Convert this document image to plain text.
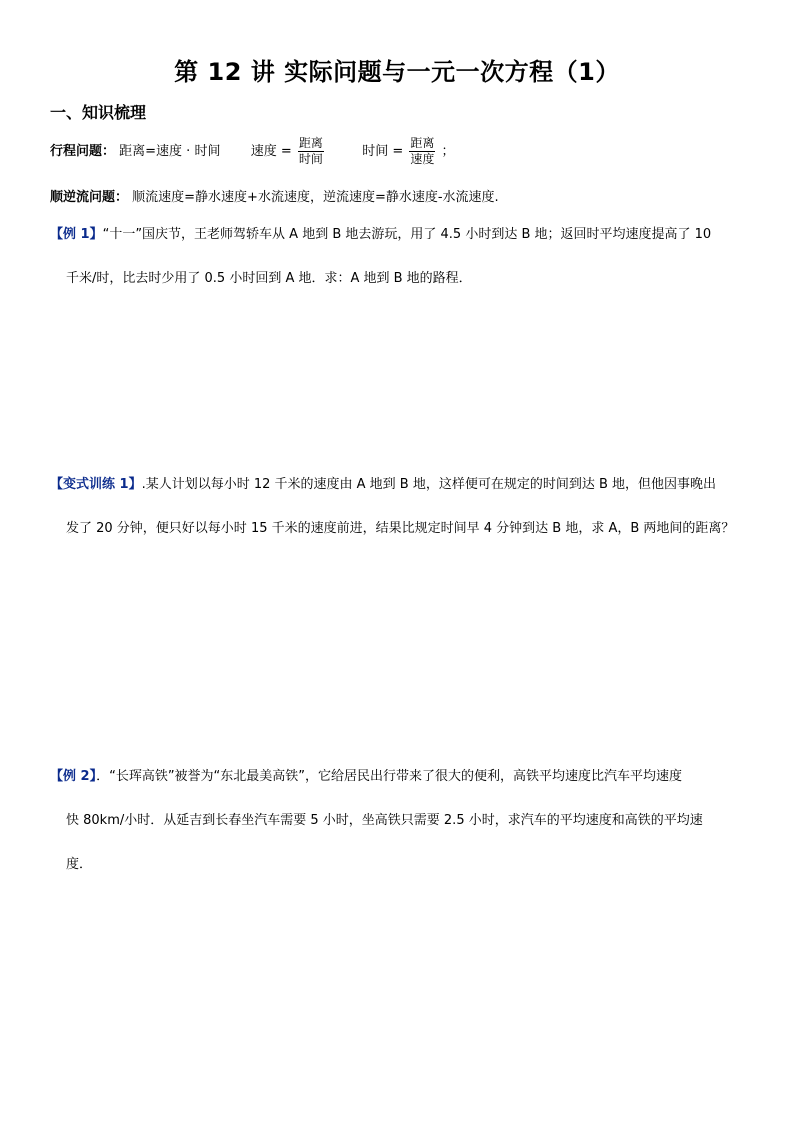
第 12 讲 实际问题与一元一次方程（1）
一、知识梳理
行程问题： 距离=速度 · 时间 速度 = $\frac{\text{距离}}{\text{时间}}$	时间 = $\frac{\text{距离}}{\text{速度}}$ ；
顺逆流问题： 顺流速度=静水速度+水流速度，逆流速度=静水速度-水流速度.
【例 1】“十一”国庆节，王老师驾轿车从 A 地到 B 地去游玩，用了 4.5 小时到达 B 地；返回时平均速度提高了 10
千米/时，比去时少用了 0.5 小时回到 A 地．求：A 地到 B 地的路程．
【变式训练 1】.某人计划以每小时 12 千米的速度由 A 地到 B 地，这样便可在规定的时间到达 B 地，但他因事晚出
发了 20 分钟，便只好以每小时 15 千米的速度前进，结果比规定时间早 4 分钟到达 B 地，求 A，B 两地间的距离？
【例 2】．“长珲高铁”被誉为“东北最美高铁”，它给居民出行带来了很大的便利，高铁平均速度比汽车平均速度
快 80km/小时．从延吉到长春坐汽车需要 5 小时，坐高铁只需要 2.5 小时，求汽车的平均速度和高铁的平均速
度．
